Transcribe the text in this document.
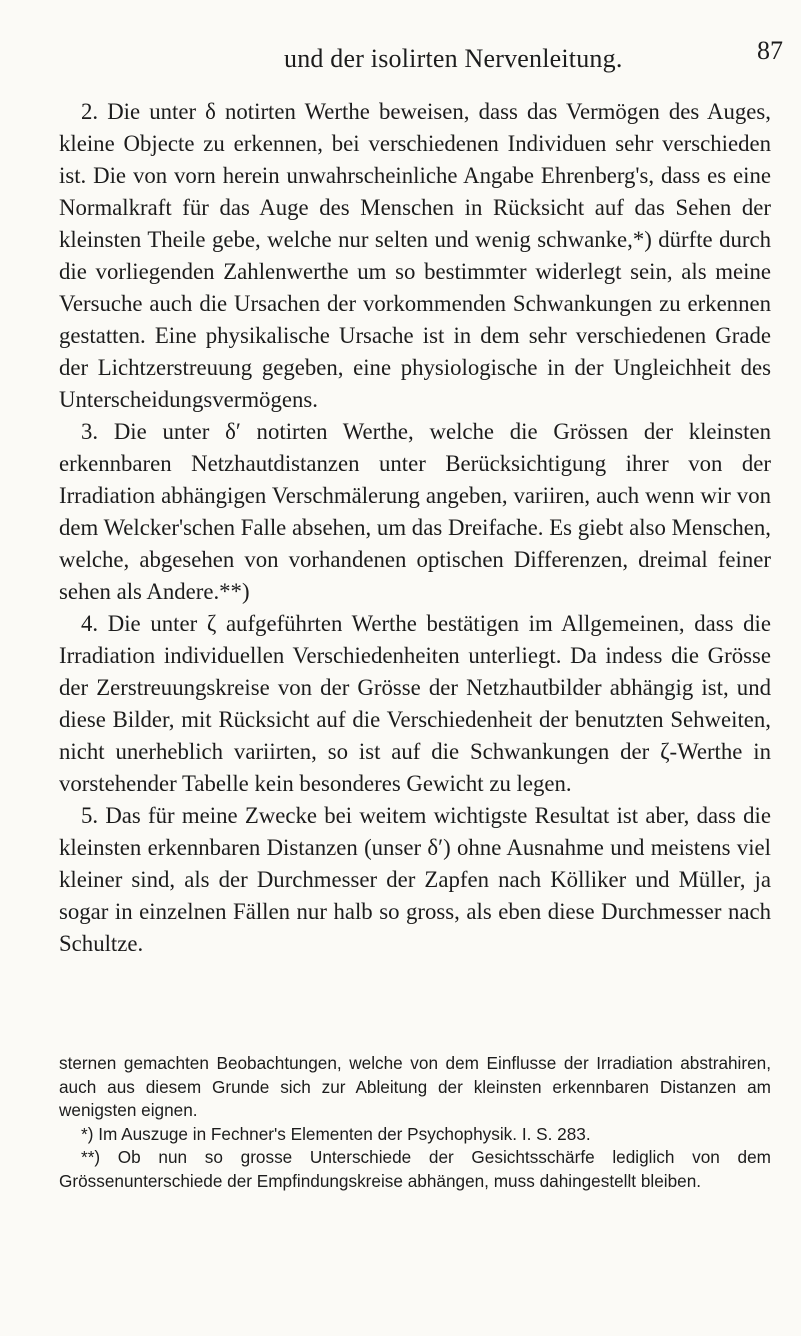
und der isolirten Nervenleitung.	87

2. Die unter δ notirten Werthe beweisen, dass das Vermögen des Auges, kleine Objecte zu erkennen, bei verschiedenen Individuen sehr verschieden ist. Die von vorn herein unwahrscheinliche Angabe Ehrenberg's, dass es eine Normalkraft für das Auge des Menschen in Rücksicht auf das Sehen der kleinsten Theile gebe, welche nur selten und wenig schwanke,*) dürfte durch die vorliegenden Zahlenwerthe um so bestimmter widerlegt sein, als meine Versuche auch die Ursachen der vorkommenden Schwankungen zu erkennen gestatten. Eine physikalische Ursache ist in dem sehr verschiedenen Grade der Lichtzerstreuung gegeben, eine physiologische in der Ungleichheit des Unterscheidungsvermögens.

3. Die unter δ′ notirten Werthe, welche die Grössen der kleinsten erkennbaren Netzhautdistanzen unter Berücksichtigung ihrer von der Irradiation abhängigen Verschmälerung angeben, variiren, auch wenn wir von dem Welcker'schen Falle absehen, um das Dreifache. Es giebt also Menschen, welche, abgesehen von vorhandenen optischen Differenzen, dreimal feiner sehen als Andere.**)

4. Die unter ζ aufgeführten Werthe bestätigen im Allgemeinen, dass die Irradiation individuellen Verschiedenheiten unterliegt. Da indess die Grösse der Zerstreuungskreise von der Grösse der Netzhautbilder abhängig ist, und diese Bilder, mit Rücksicht auf die Verschiedenheit der benutzten Sehweiten, nicht unerheblich variirten, so ist auf die Schwankungen der ζ-Werthe in vorstehender Tabelle kein besonderes Gewicht zu legen.

5. Das für meine Zwecke bei weitem wichtigste Resultat ist aber, dass die kleinsten erkennbaren Distanzen (unser δ′) ohne Ausnahme und meistens viel kleiner sind, als der Durchmesser der Zapfen nach Kölliker und Müller, ja sogar in einzelnen Fällen nur halb so gross, als eben diese Durchmesser nach Schultze.

sternen gemachten Beobachtungen, welche von dem Einflusse der Irradiation abstrahiren, auch aus diesem Grunde sich zur Ableitung der kleinsten erkennbaren Distanzen am wenigsten eignen.

*) Im Auszuge in Fechner's Elementen der Psychophysik. I. S. 283.

**) Ob nun so grosse Unterschiede der Gesichtsschärfe lediglich von dem Grössenunterschiede der Empfindungskreise abhängen, muss dahingestellt bleiben.
